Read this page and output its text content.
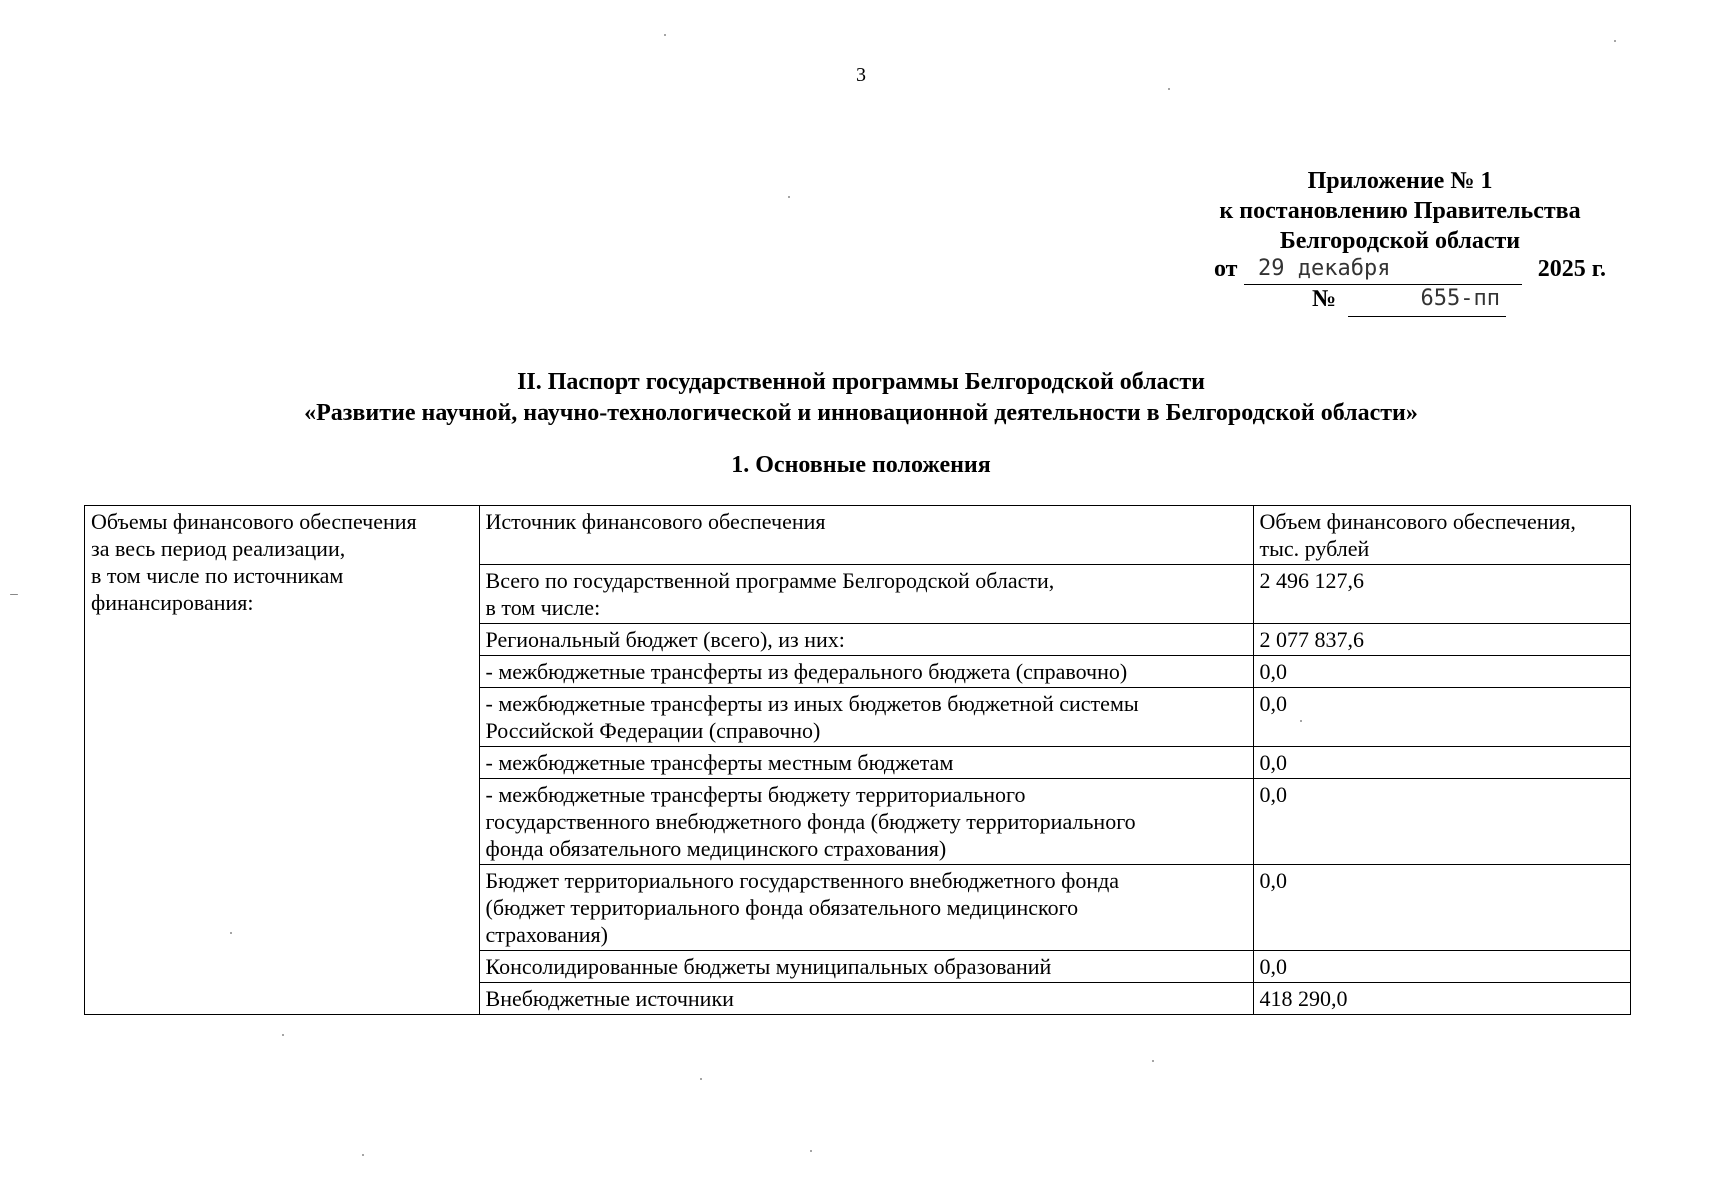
3
Приложение № 1
к постановлению Правительства
Белгородской области
от 29 декабря	2025 г.
№	655-пп
II. Паспорт государственной программы Белгородской области
«Развитие научной, научно-технологической и инновационной деятельности в Белгородской области»
1. Основные положения
Объемы финансового обеспечения
за весь период реализации,
в том числе по источникам
финансирования:	Источник финансового обеспечения	Объем финансового обеспечения,
тыс. рублей
	Всего по государственной программе Белгородской области,
в том числе:	2 496 127,6
	Региональный бюджет (всего), из них:	2 077 837,6
	- межбюджетные трансферты из федерального бюджета (справочно)	0,0
	- межбюджетные трансферты из иных бюджетов бюджетной системы
Российской Федерации (справочно)	0,0
	- межбюджетные трансферты местным бюджетам	0,0
	- межбюджетные трансферты бюджету территориального
государственного внебюджетного фонда (бюджету территориального
фонда обязательного медицинского страхования)	0,0
	Бюджет территориального государственного внебюджетного фонда
(бюджет территориального фонда обязательного медицинского
страхования)	0,0
	Консолидированные бюджеты муниципальных образований	0,0
	Внебюджетные источники	418 290,0
